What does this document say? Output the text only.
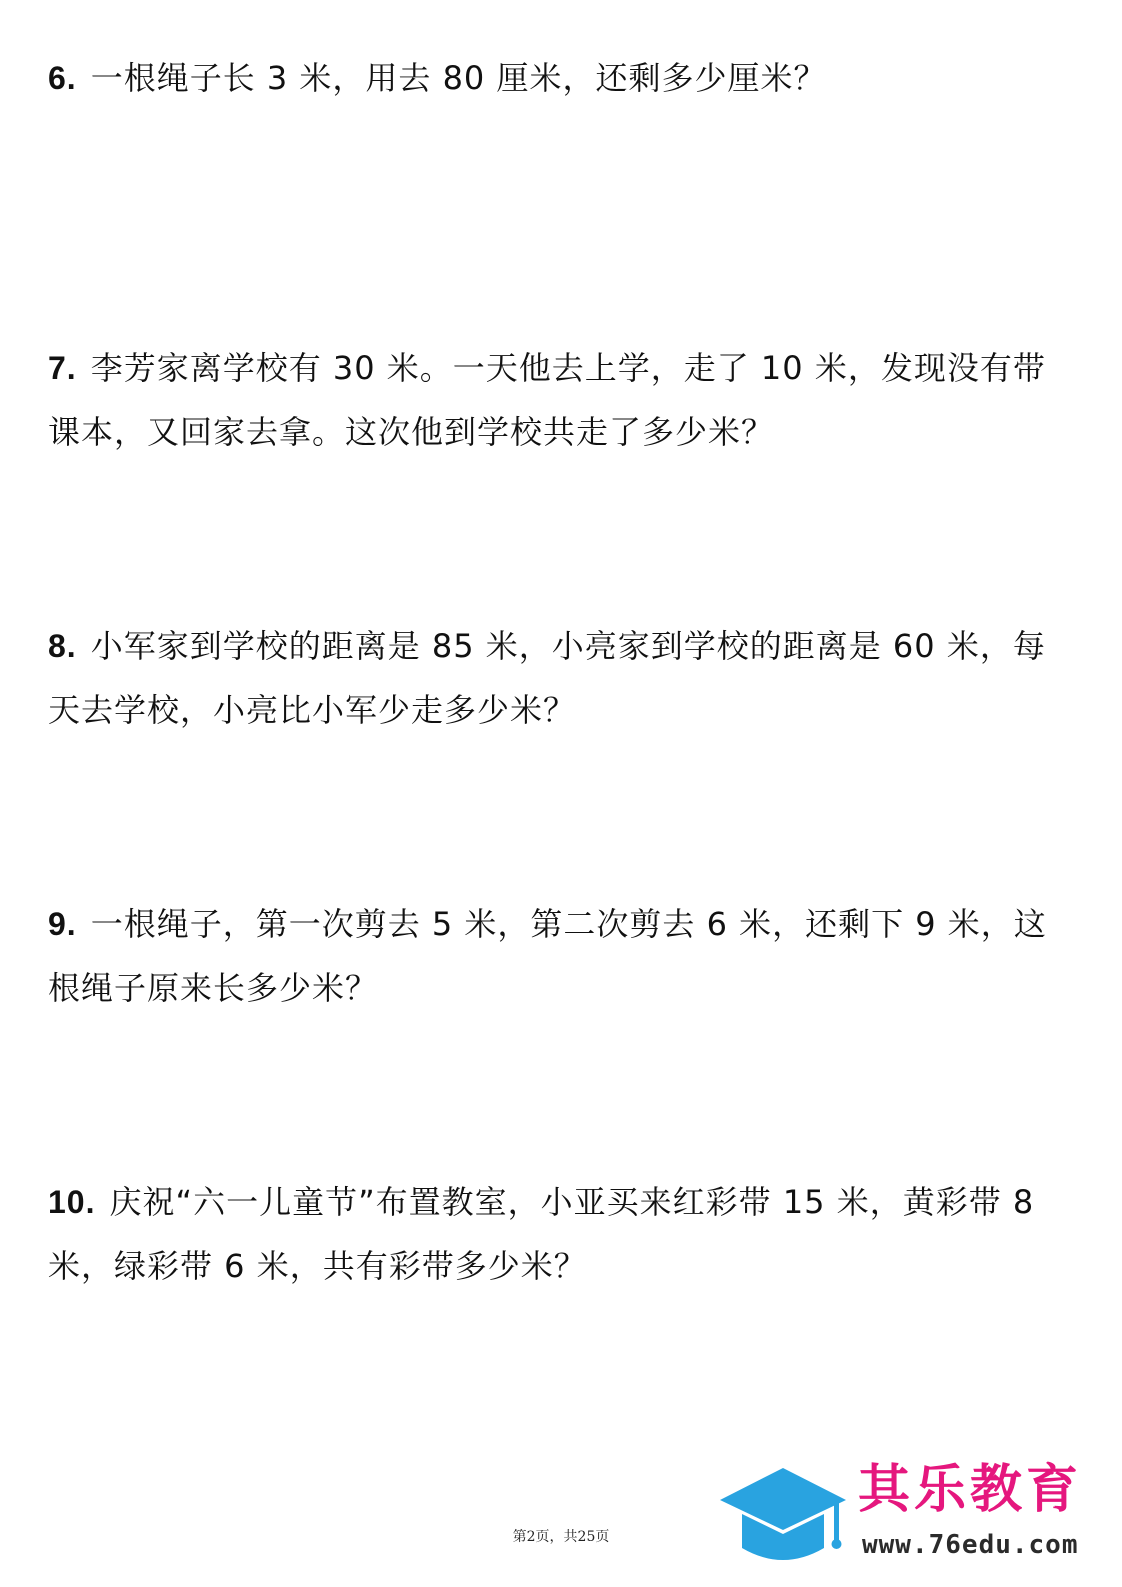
6. 一根绳子长 3 米，用去 80 厘米，还剩多少厘米？
7. 李芳家离学校有 30 米。一天他去上学，走了 10 米，发现没有带课本，又回家去拿。这次他到学校共走了多少米？
8. 小军家到学校的距离是 85 米，小亮家到学校的距离是 60 米，每天去学校，小亮比小军少走多少米？
9. 一根绳子，第一次剪去 5 米，第二次剪去 6 米，还剩下 9 米，这根绳子原来长多少米？
10. 庆祝“六一儿童节”布置教室，小亚买来红彩带 15 米，黄彩带 8 米，绿彩带 6 米，共有彩带多少米？
第2页，共25页
其乐教育
www.76edu.com
